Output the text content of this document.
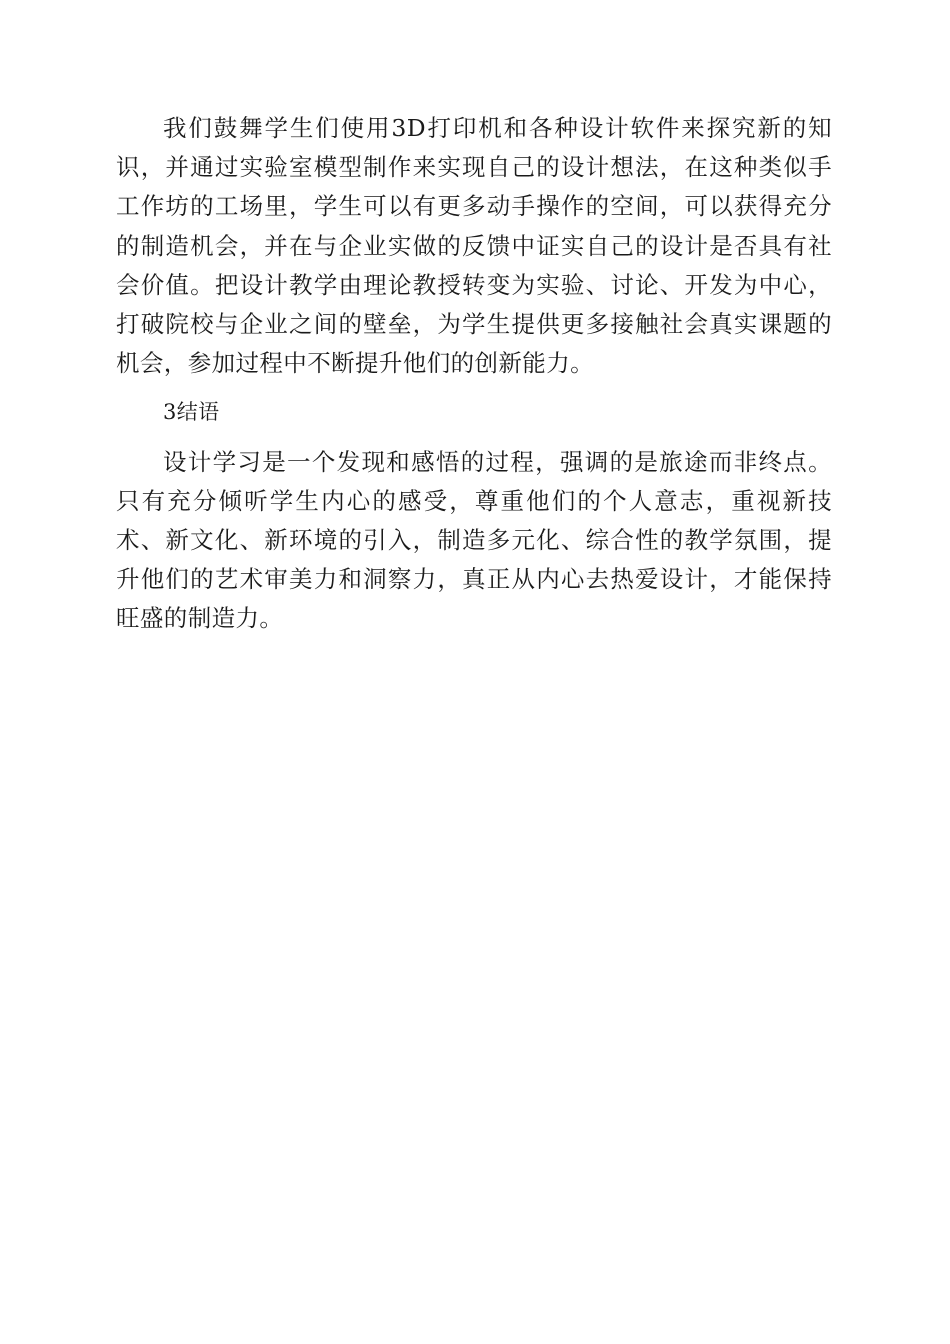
我们鼓舞学生们使用3D打印机和各种设计软件来探究新的知识，并通过实验室模型制作来实现自己的设计想法，在这种类似手工作坊的工场里，学生可以有更多动手操作的空间，可以获得充分的制造机会，并在与企业实做的反馈中证实自己的设计是否具有社会价值。把设计教学由理论教授转变为实验、讨论、开发为中心，打破院校与企业之间的壁垒，为学生提供更多接触社会真实课题的机会，参加过程中不断提升他们的创新能力。

3结语

设计学习是一个发现和感悟的过程，强调的是旅途而非终点。只有充分倾听学生内心的感受，尊重他们的个人意志，重视新技术、新文化、新环境的引入，制造多元化、综合性的教学氛围，提升他们的艺术审美力和洞察力，真正从内心去热爱设计，才能保持旺盛的制造力。
